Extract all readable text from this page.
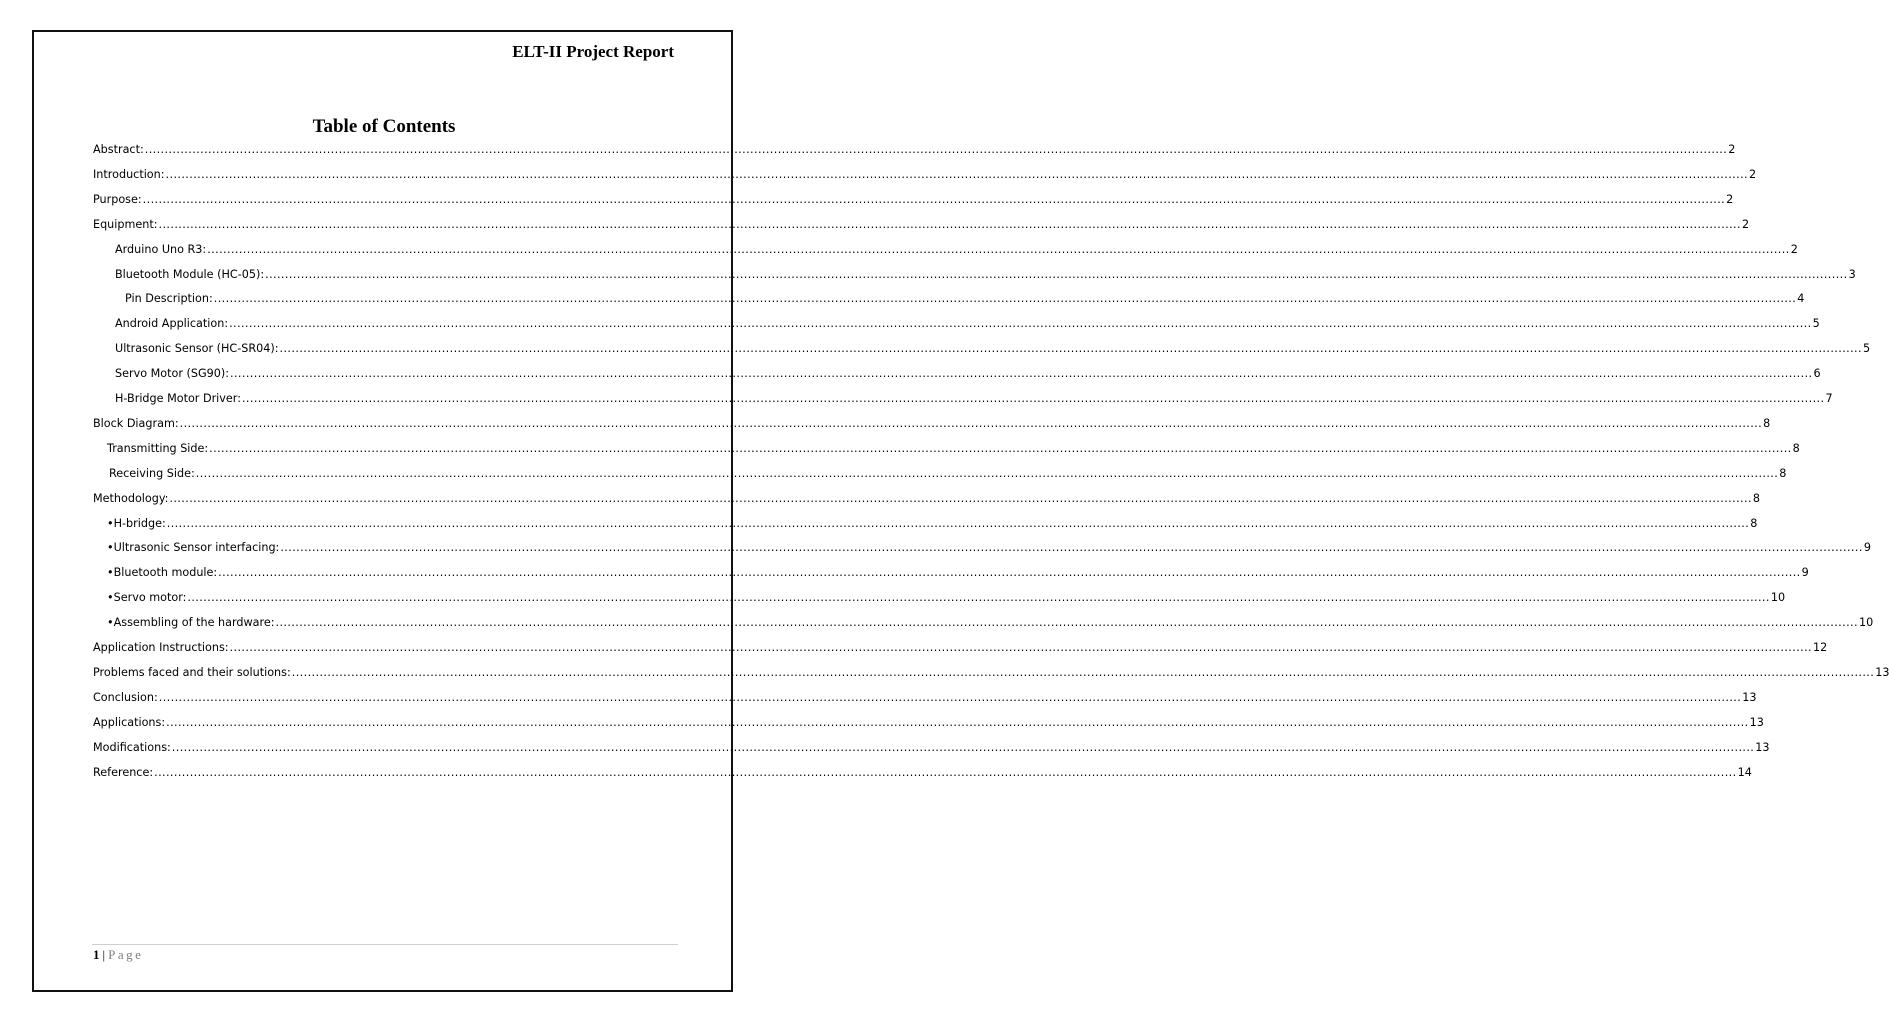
ELT-II Project Report
Table of Contents
Abstract: ................................................................................................................................................................................................................................................................................................................................................................................................................ 2
Introduction: ................................................................................................................................................................................................................................................................................................................................................................................................................ 2
Purpose: ................................................................................................................................................................................................................................................................................................................................................................................................................ 2
Equipment: ................................................................................................................................................................................................................................................................................................................................................................................................................ 2
Arduino Uno R3: ................................................................................................................................................................................................................................................................................................................................................................................................................ 2
Bluetooth Module (HC-05): ................................................................................................................................................................................................................................................................................................................................................................................................................ 3
Pin Description: ................................................................................................................................................................................................................................................................................................................................................................................................................ 4
Android Application: ................................................................................................................................................................................................................................................................................................................................................................................................................ 5
Ultrasonic Sensor (HC-SR04): ................................................................................................................................................................................................................................................................................................................................................................................................................ 5
Servo Motor (SG90): ................................................................................................................................................................................................................................................................................................................................................................................................................ 6
H-Bridge Motor Driver: ................................................................................................................................................................................................................................................................................................................................................................................................................ 7
Block Diagram: ................................................................................................................................................................................................................................................................................................................................................................................................................ 8
Transmitting Side: ................................................................................................................................................................................................................................................................................................................................................................................................................ 8
Receiving Side: ................................................................................................................................................................................................................................................................................................................................................................................................................ 8
Methodology: ................................................................................................................................................................................................................................................................................................................................................................................................................ 8
• H-bridge: ................................................................................................................................................................................................................................................................................................................................................................................................................ 8
• Ultrasonic Sensor interfacing: ................................................................................................................................................................................................................................................................................................................................................................................................................ 9
• Bluetooth module: ................................................................................................................................................................................................................................................................................................................................................................................................................ 9
• Servo motor: ................................................................................................................................................................................................................................................................................................................................................................................................................ 10
• Assembling of the hardware: ................................................................................................................................................................................................................................................................................................................................................................................................................ 10
Application Instructions: ................................................................................................................................................................................................................................................................................................................................................................................................................ 12
Problems faced and their solutions: ................................................................................................................................................................................................................................................................................................................................................................................................................ 13
Conclusion: ................................................................................................................................................................................................................................................................................................................................................................................................................ 13
Applications: ................................................................................................................................................................................................................................................................................................................................................................................................................ 13
Modifications: ................................................................................................................................................................................................................................................................................................................................................................................................................ 13
Reference: ................................................................................................................................................................................................................................................................................................................................................................................................................ 14
1 | Page
